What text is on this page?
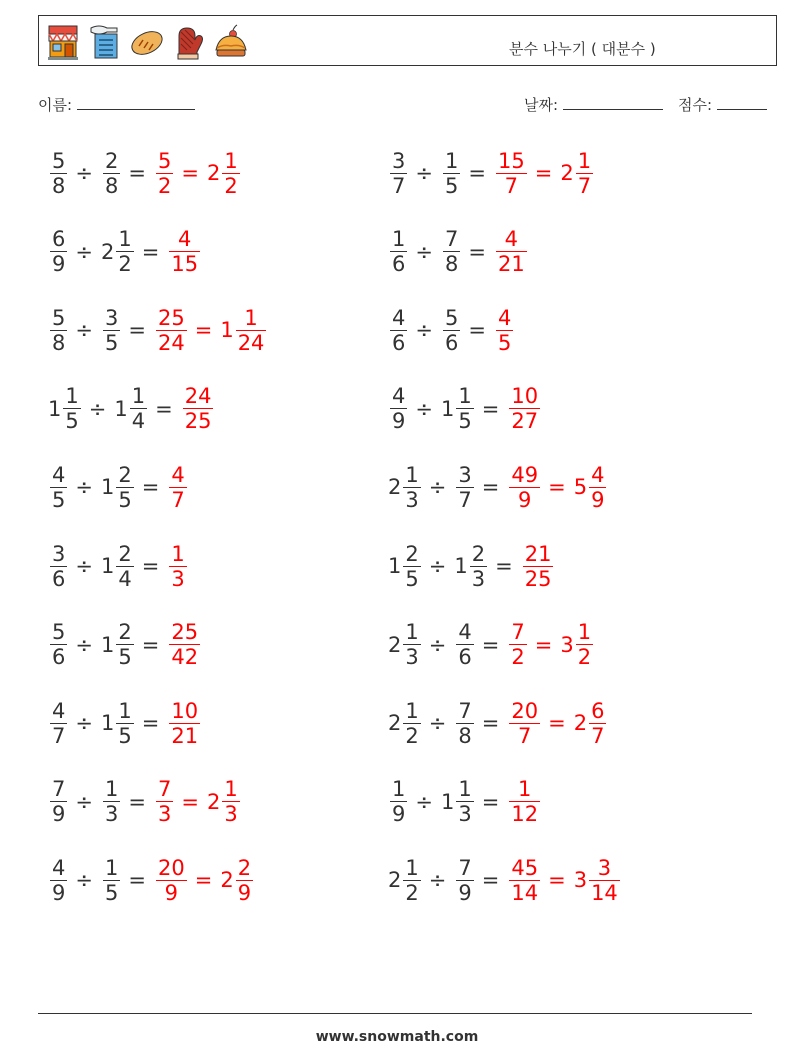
분수 나누기 ( 대분수 )
이름:	날짜:	점수:
$\frac{5}{8} \div \frac{2}{8} = \frac{5}{2} = 2 \frac{1}{2}$	$\frac{3}{7} \div \frac{1}{5} = \frac{15}{7} = 2 \frac{1}{7}$
$\frac{6}{9} \div 2 \frac{1}{2} = \frac{4}{15}$	$\frac{1}{6} \div \frac{7}{8} = \frac{4}{21}$
$\frac{5}{8} \div \frac{3}{5} = \frac{25}{24} = 1 \frac{1}{24}$	$\frac{4}{6} \div \frac{5}{6} = \frac{4}{5}$
$1 \frac{1}{5} \div 1 \frac{1}{4} = \frac{24}{25}$	$\frac{4}{9} \div 1 \frac{1}{5} = \frac{10}{27}$
$\frac{4}{5} \div 1 \frac{2}{5} = \frac{4}{7}$	$2 \frac{1}{3} \div \frac{3}{7} = \frac{49}{9} = 5 \frac{4}{9}$
$\frac{3}{6} \div 1 \frac{2}{4} = \frac{1}{3}$	$1 \frac{2}{5} \div 1 \frac{2}{3} = \frac{21}{25}$
$\frac{5}{6} \div 1 \frac{2}{5} = \frac{25}{42}$	$2 \frac{1}{3} \div \frac{4}{6} = \frac{7}{2} = 3 \frac{1}{2}$
$\frac{4}{7} \div 1 \frac{1}{5} = \frac{10}{21}$	$2 \frac{1}{2} \div \frac{7}{8} = \frac{20}{7} = 2 \frac{6}{7}$
$\frac{7}{9} \div \frac{1}{3} = \frac{7}{3} = 2 \frac{1}{3}$	$\frac{1}{9} \div 1 \frac{1}{3} = \frac{1}{12}$
$\frac{4}{9} \div \frac{1}{5} = \frac{20}{9} = 2 \frac{2}{9}$	$2 \frac{1}{2} \div \frac{7}{9} = \frac{45}{14} = 3 \frac{3}{14}$
www.snowmath.com
